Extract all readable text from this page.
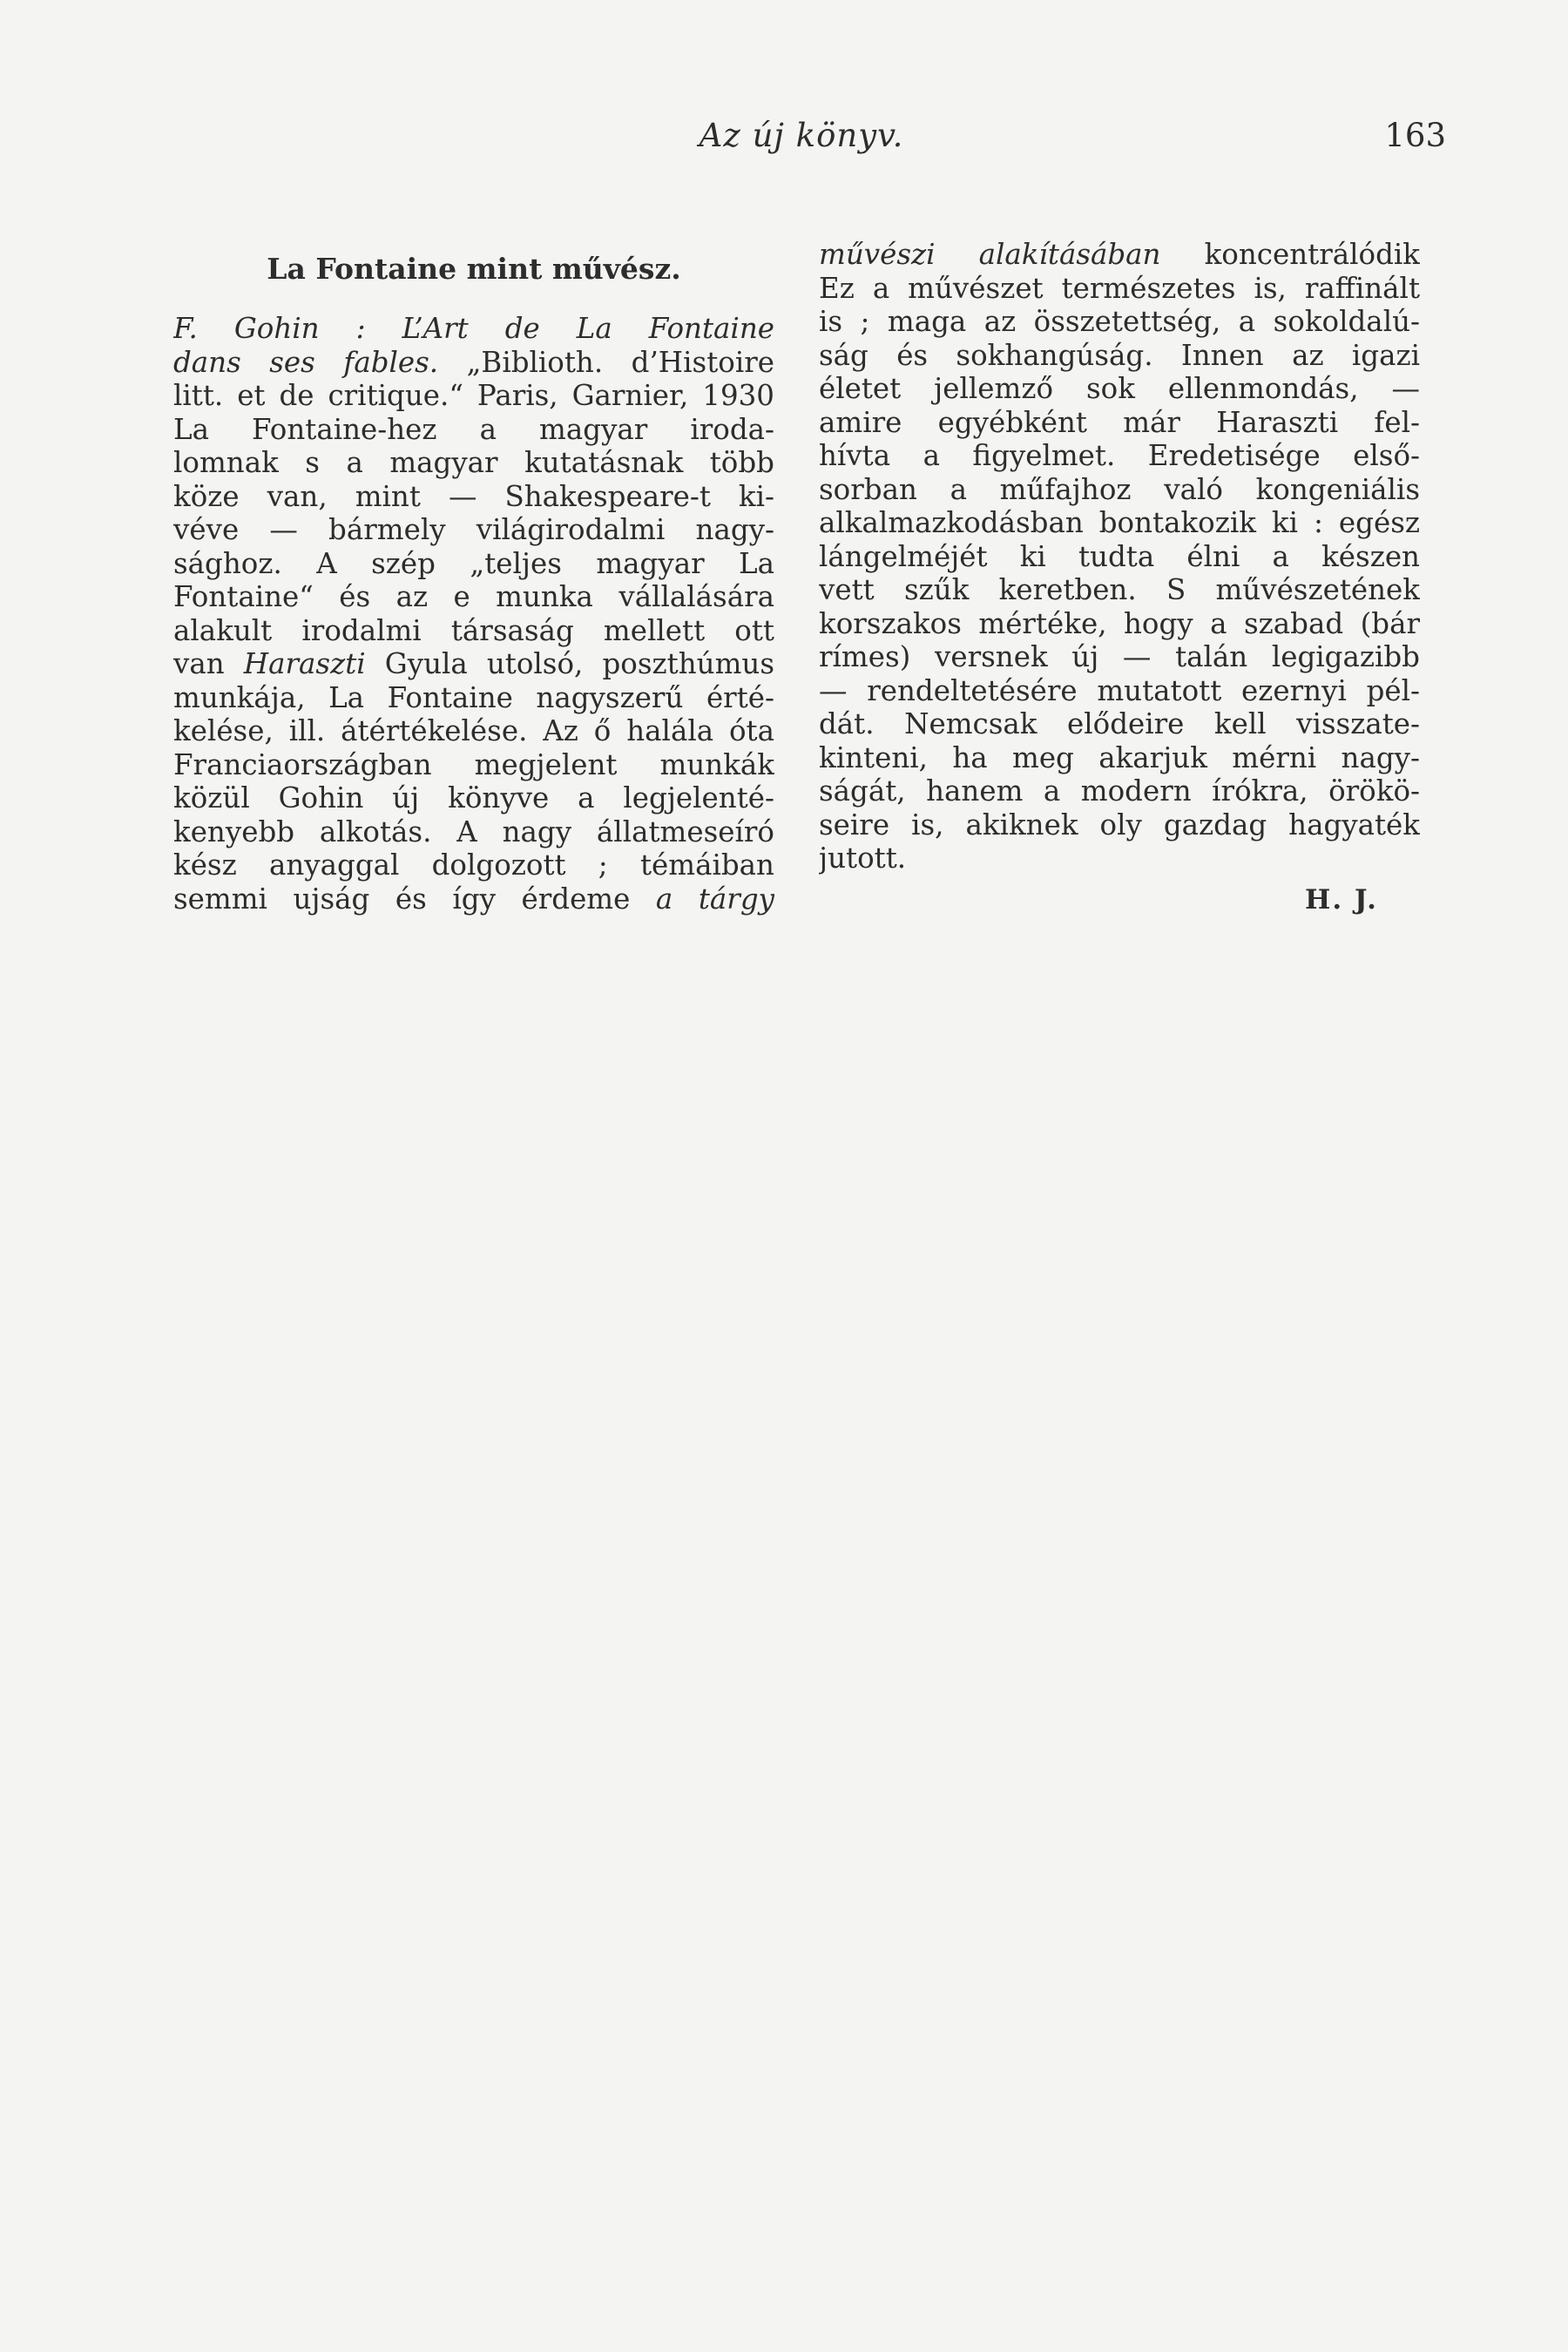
Az új könyv.	163
La Fontaine mint művész.
F. Gohin : L’Art de La Fontaine
dans ses fables. „Biblioth. d’Histoire
litt. et de critique.“ Paris, Garnier, 1930
La Fontaine-hez a magyar iroda-
lomnak s a magyar kutatásnak több
köze van, mint — Shakespeare-t ki-
véve — bármely világirodalmi nagy-
sághoz. A szép „teljes magyar La
Fontaine“ és az e munka vállalására
alakult irodalmi társaság mellett ott
van Haraszti Gyula utolsó, poszthúmus
munkája, La Fontaine nagyszerű érté-
kelése, ill. átértékelése. Az ő halála óta
Franciaországban megjelent munkák
közül Gohin új könyve a legjelenté-
kenyebb alkotás. A nagy állatmeseíró
kész anyaggal dolgozott ; témáiban
semmi ujság és így érdeme a tárgy
művészi alakításában koncentrálódik
Ez a művészet természetes is, raffinált
is ; maga az összetettség, a sokoldalú-
ság és sokhangúság. Innen az igazi
életet jellemző sok ellenmondás, —
amire egyébként már Haraszti fel-
hívta a figyelmet. Eredetisége első-
sorban a műfajhoz való kongeniális
alkalmazkodásban bontakozik ki : egész
lángelméjét ki tudta élni a készen
vett szűk keretben. S művészetének
korszakos mértéke, hogy a szabad (bár
rímes) versnek új — talán legigazibb
— rendeltetésére mutatott ezernyi pél-
dát. Nemcsak elődeire kell visszate-
kinteni, ha meg akarjuk mérni nagy-
ságát, hanem a modern írókra, örökö-
seire is, akiknek oly gazdag hagyaték
jutott.
H. J.
